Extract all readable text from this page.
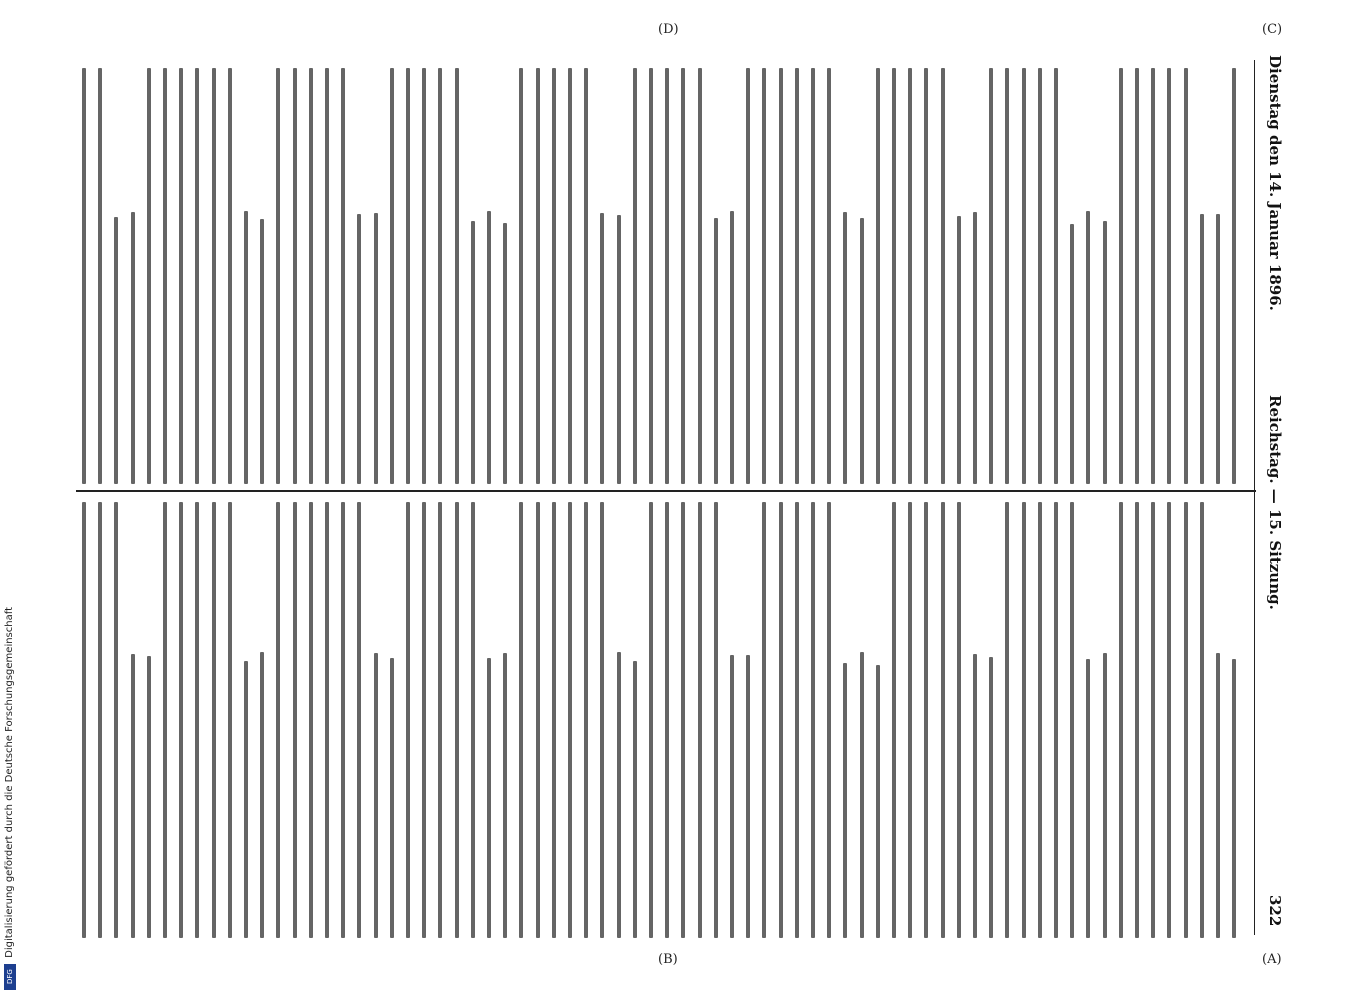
322
Reichstag. — 15. Sitzung.
Dienstag den 14. Januar 1896.
(A)
(C)
(B)
(D)
Digitalisierung gefördert durch die Deutsche Forschungsgemeinschaft
DFG
